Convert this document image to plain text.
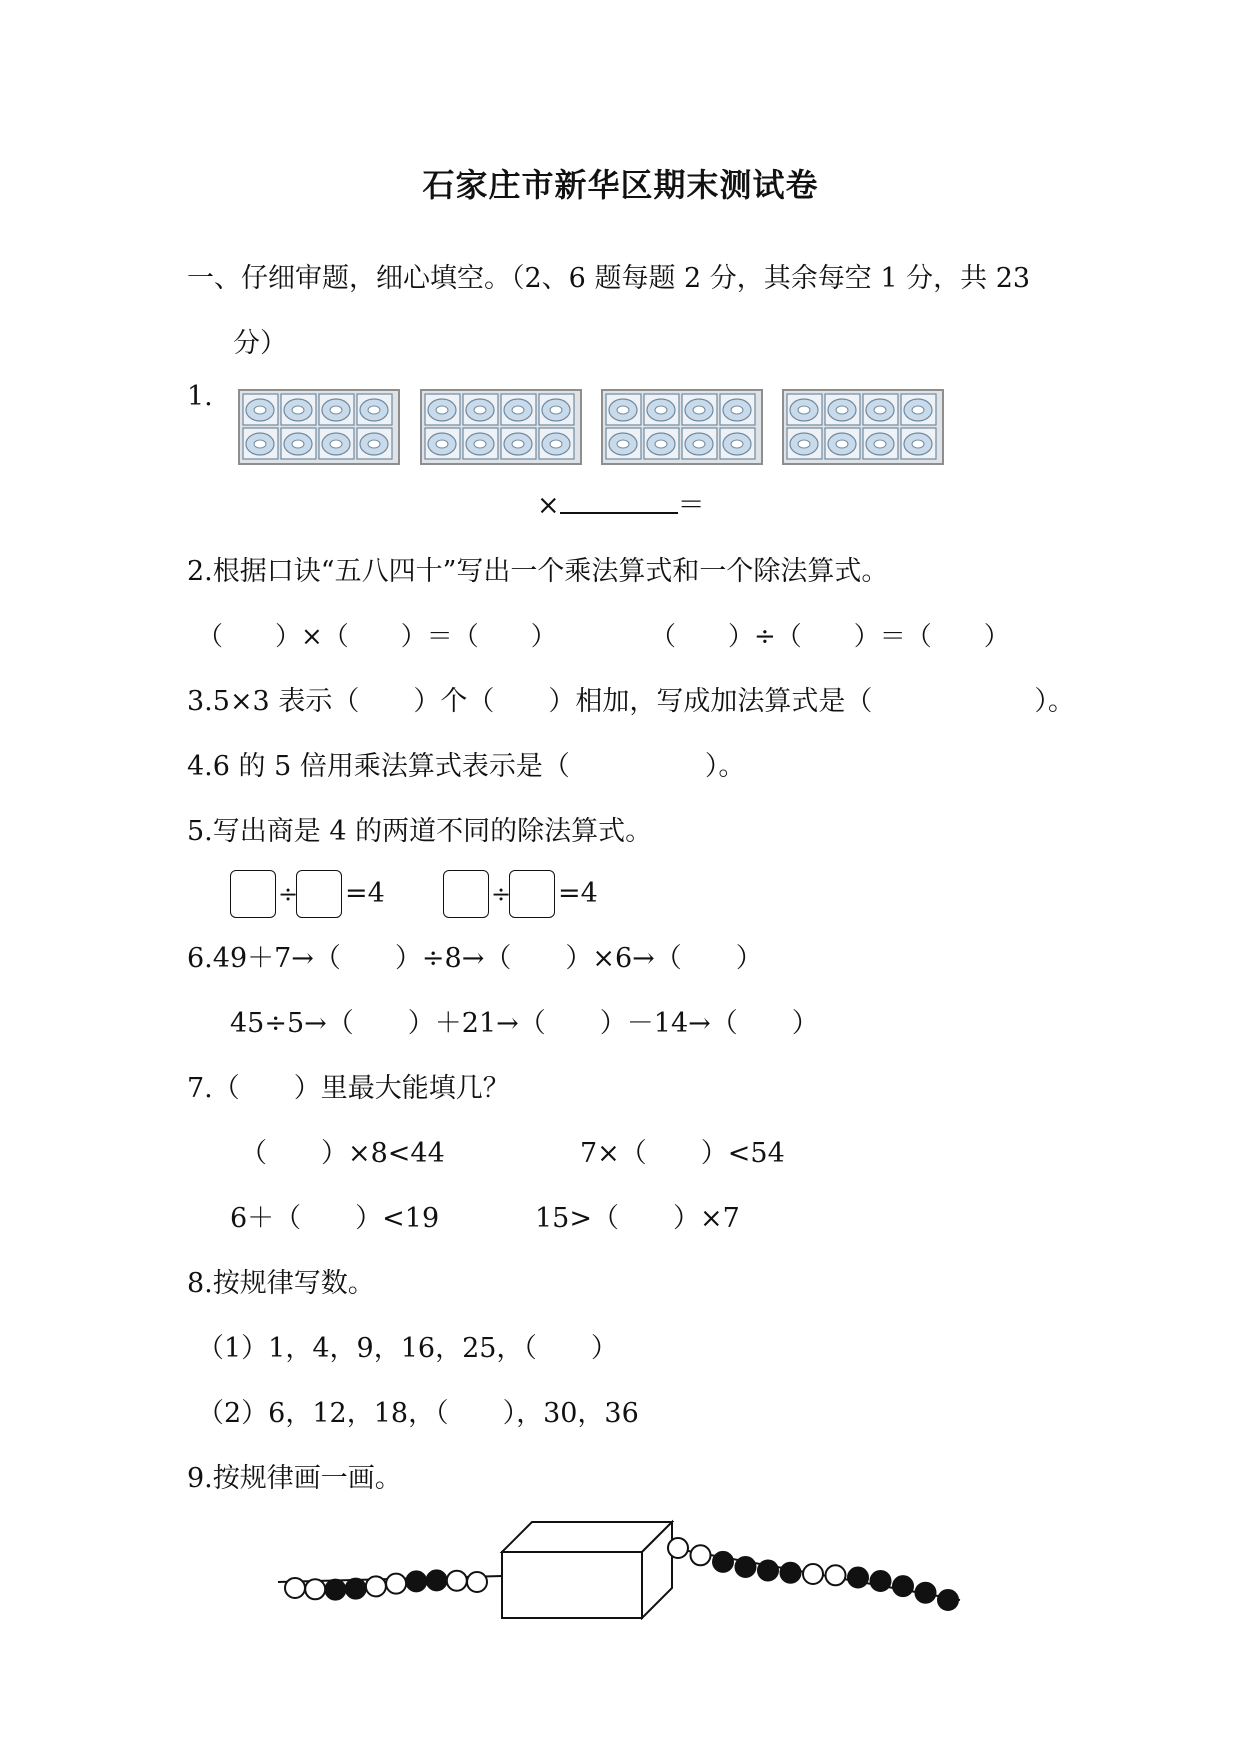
石家庄市新华区期末测试卷
一、仔细审题，细心填空。（2、6 题每题 2 分，其余每空 1 分，共 23
分）
1.
×	＝
2.根据口诀“五八四十”写出一个乘法算式和一个除法算式。
（　　）×（　　）＝（　　）	（　　）÷（　　）＝（　　）
3.5×3 表示（　　）个（　　）相加，写成加法算式是（　　　　　　）。
4.6 的 5 倍用乘法算式表示是（　　　　　）。
5.写出商是 4 的两道不同的除法算式。
÷ =4	÷ =4
6.49＋7→（　　）÷8→（　　）×6→（　　）
45÷5→（　　）＋21→（　　）－14→（　　）
7.（　　）里最大能填几？
（　　）×8<44	7×（　　）<54
6＋（　　）<19	15>（　　）×7
8.按规律写数。
（1）1，4，9，16，25，（　　）
（2）6，12，18，（　　），30，36
9.按规律画一画。
